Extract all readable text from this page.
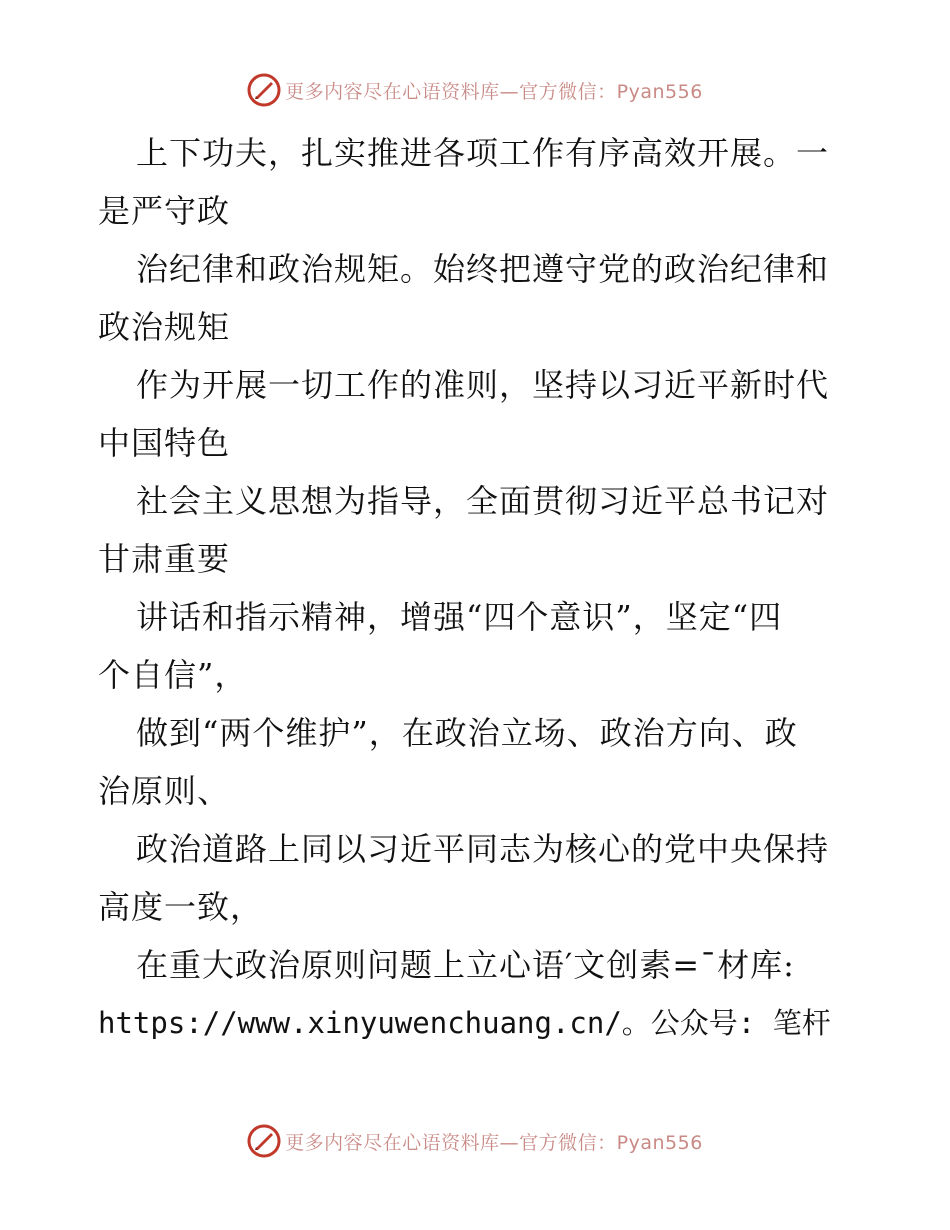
更多内容尽在心语资料库—官方微信：Pyan556
上下功夫，扎实推进各项工作有序高效开展。一
是严守政
治纪律和政治规矩。始终把遵守党的政治纪律和
政治规矩
作为开展一切工作的准则，坚持以习近平新时代
中国特色
社会主义思想为指导，全面贯彻习近平总书记对
甘肃重要
讲话和指示精神，增强“四个意识”，坚定“四
个自信”，
做到“两个维护”，在政治立场、政治方向、政
治原则、
政治道路上同以习近平同志为核心的党中央保持
高度一致，
在重大政治原则问题上立心语′文创素=¯材库:
https://www.xinyuwenchuang.cn/。公众号: 笔杆
更多内容尽在心语资料库—官方微信：Pyan556
